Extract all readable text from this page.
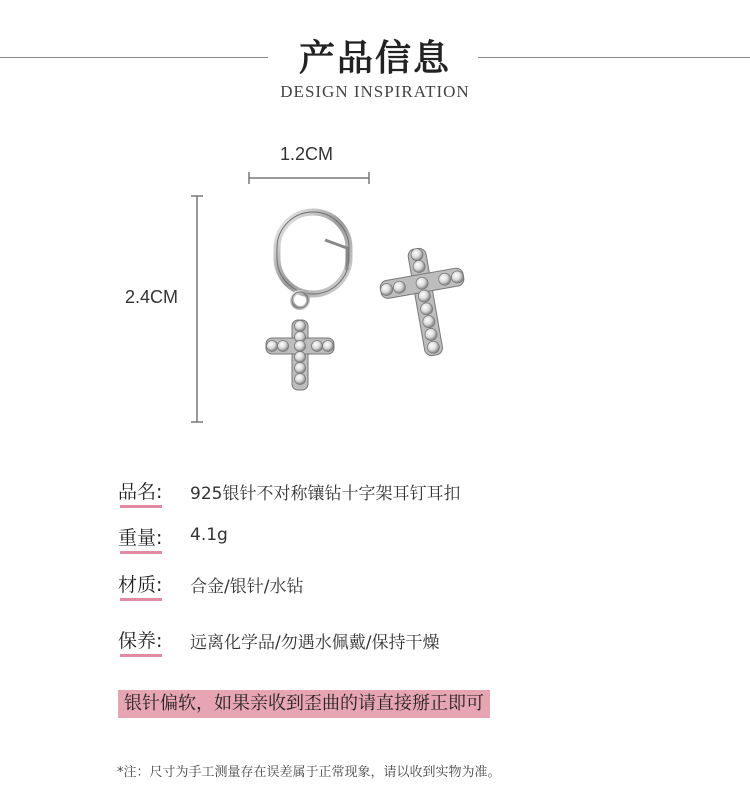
产品信息
DESIGN INSPIRATION
1.2CM
2.4CM
品名: 925银针不对称镶钻十字架耳钉耳扣
重量: 4.1g
材质: 合金/银针/水钻
保养: 远离化学品/勿遇水佩戴/保持干燥
银针偏软，如果亲收到歪曲的请直接掰正即可
*注：尺寸为手工测量存在误差属于正常现象，请以收到实物为准。
